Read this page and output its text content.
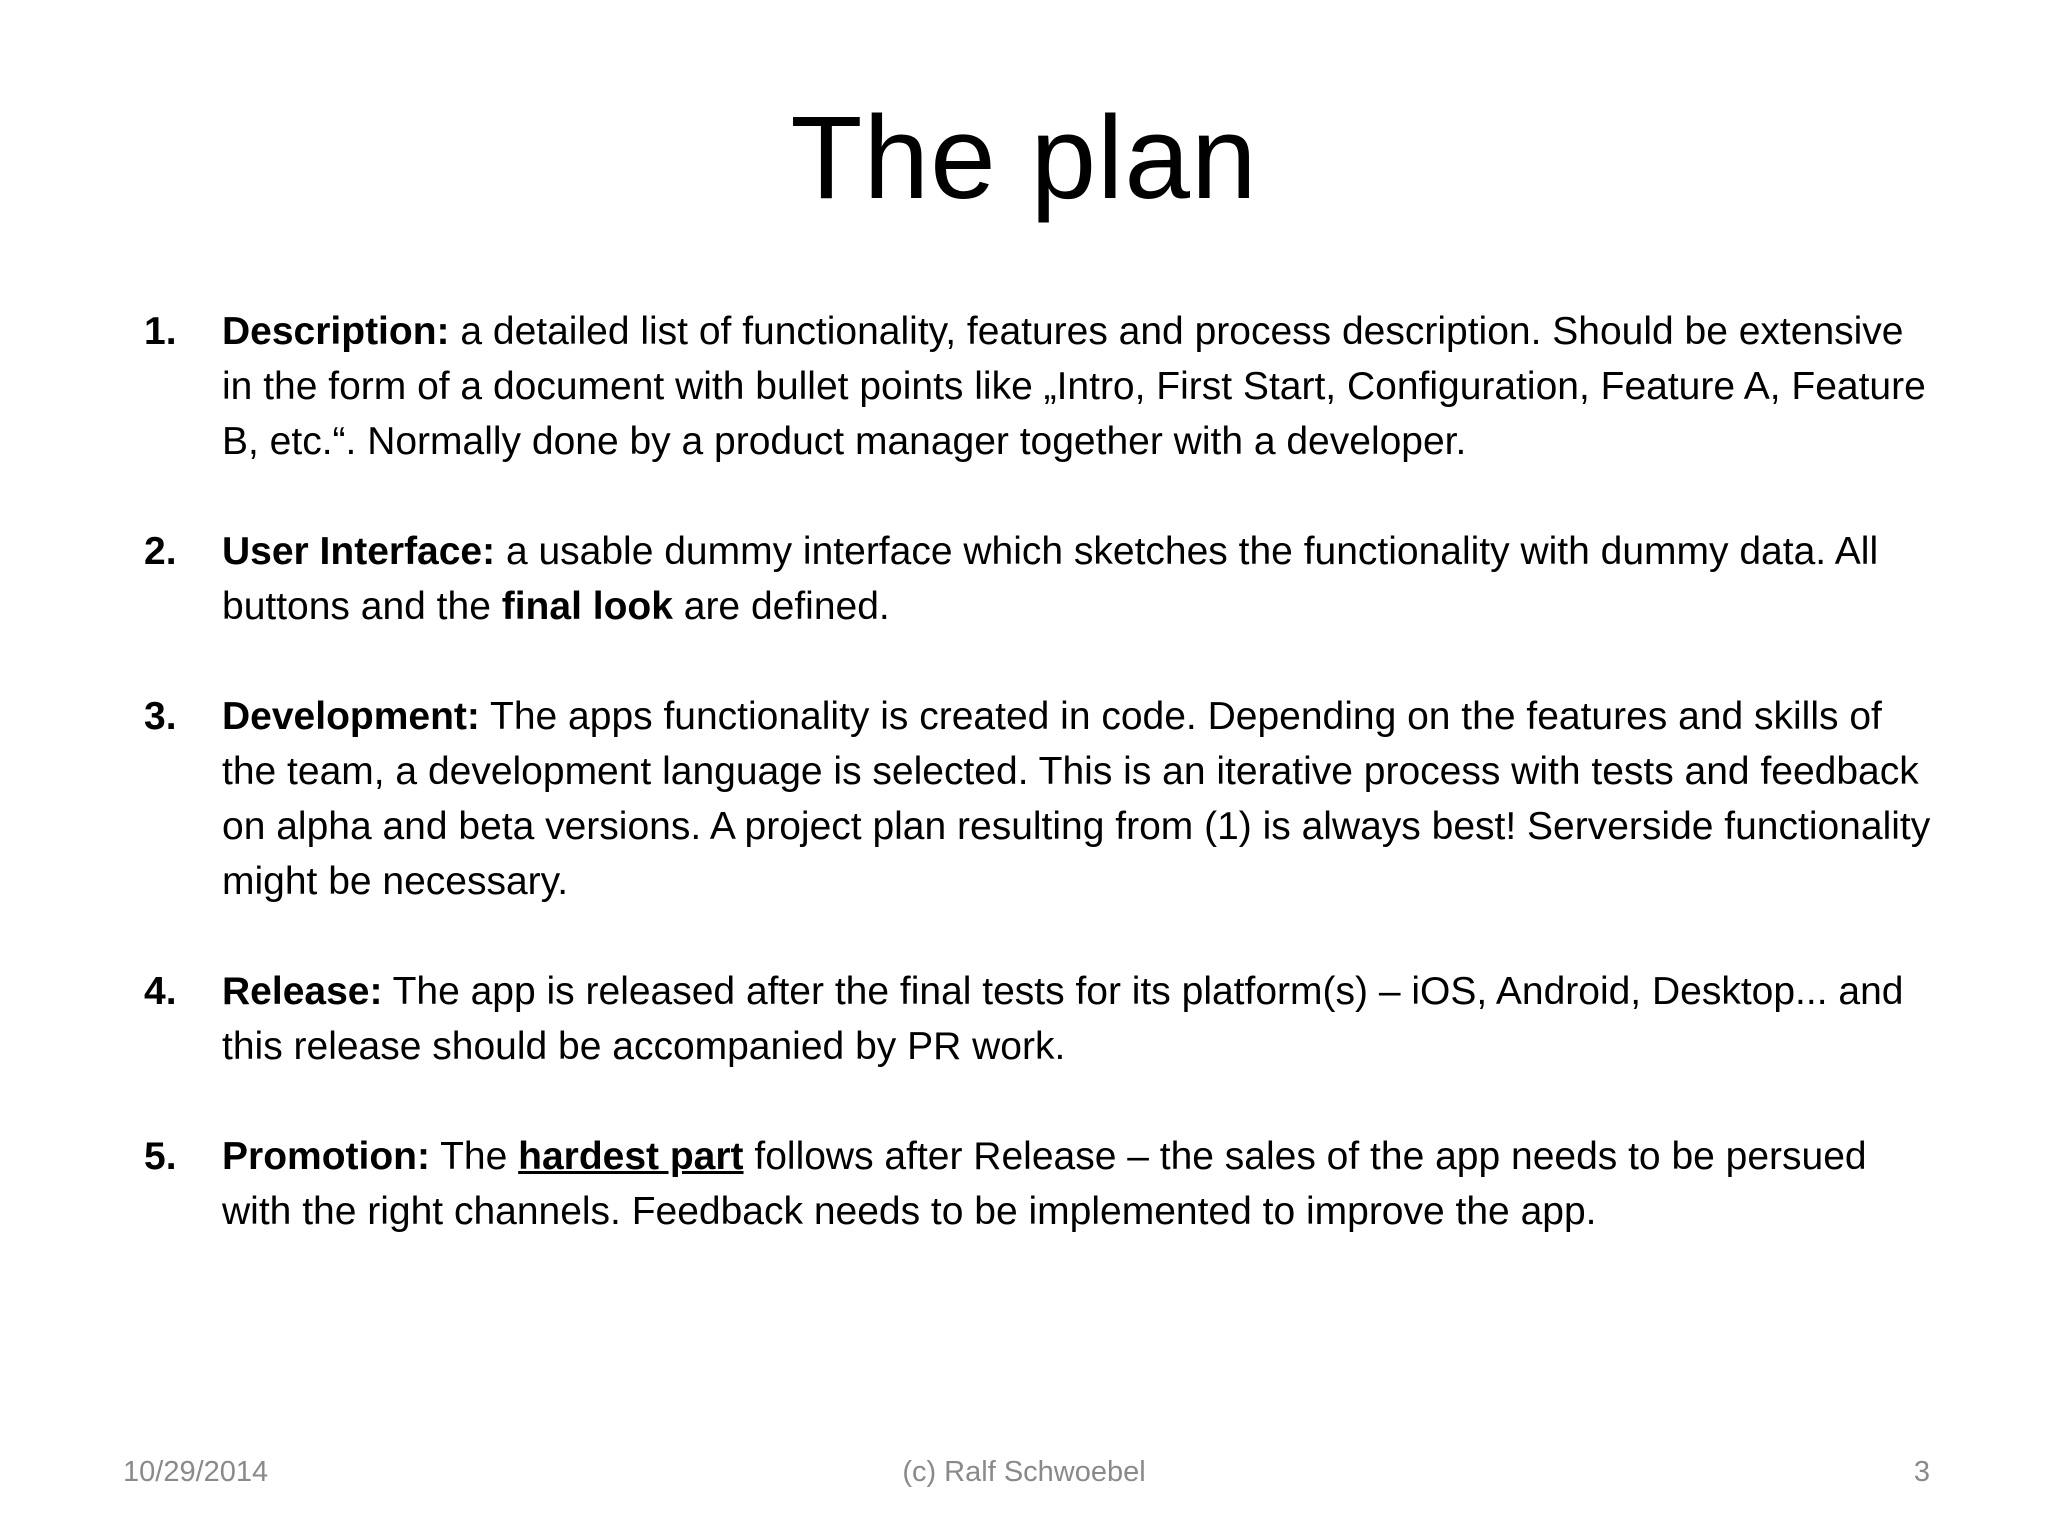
The plan
1. Description: a detailed list of functionality, features and process description. Should be extensive in the form of a document with bullet points like „Intro, First Start, Configuration, Feature A, Feature B, etc.“. Normally done by a product manager together with a developer.
2. User Interface: a usable dummy interface which sketches the functionality with dummy data. All buttons and the final look are defined.
3. Development: The apps functionality is created in code. Depending on the features and skills of the team, a development language is selected. This is an iterative process with tests and feedback on alpha and beta versions. A project plan resulting from (1) is always best! Serverside functionality might be necessary.
4. Release: The app is released after the final tests for its platform(s) – iOS, Android, Desktop... and this release should be accompanied by PR work.
5. Promotion: The hardest part follows after Release – the sales of the app needs to be persued with the right channels. Feedback needs to be implemented to improve the app.
10/29/2014	(c) Ralf Schwoebel	3
